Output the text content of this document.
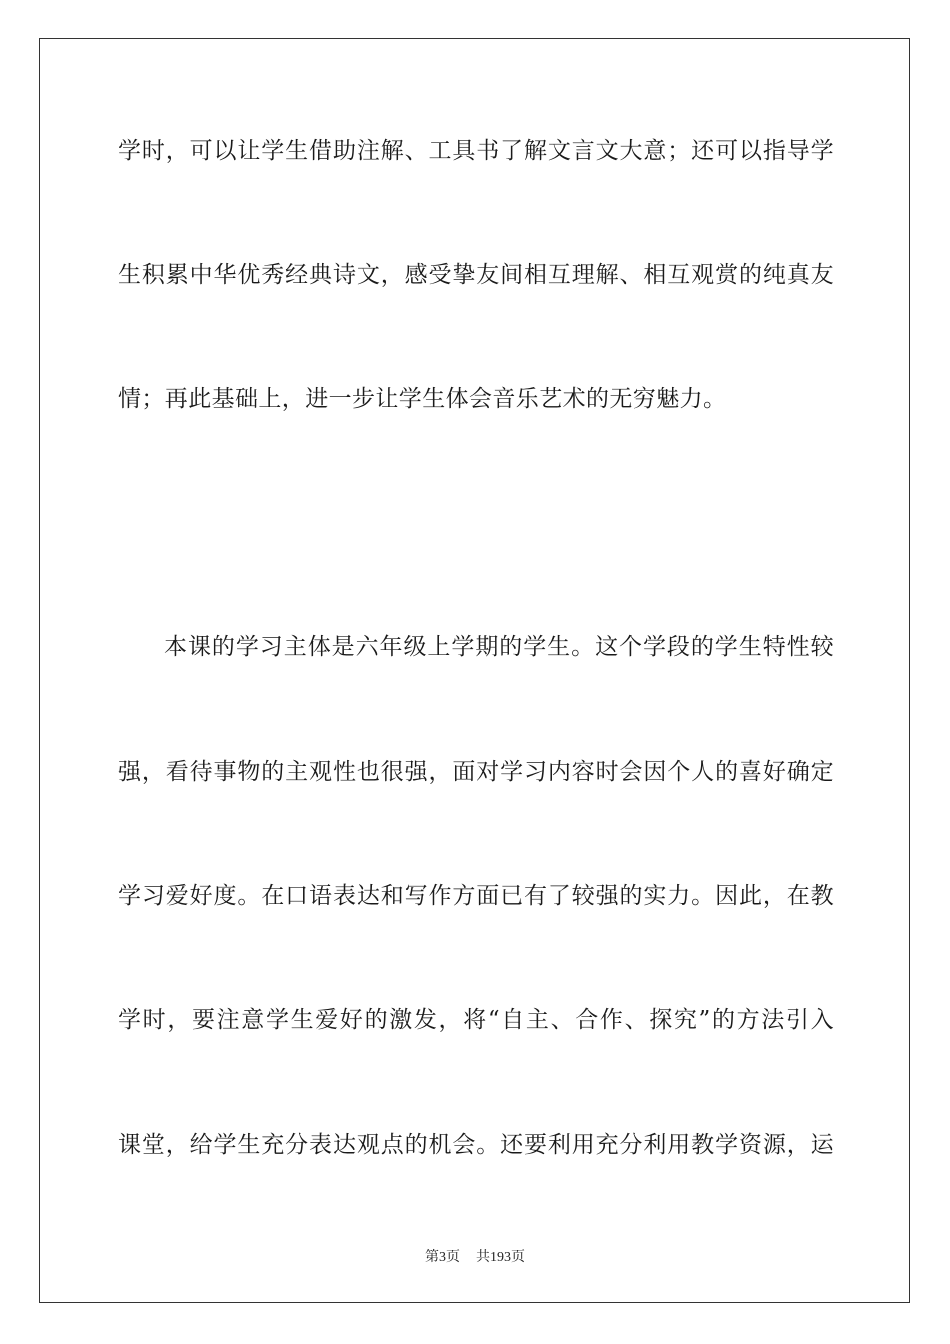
学时，可以让学生借助注解、工具书了解文言文大意；还可以指导学
生积累中华优秀经典诗文，感受挚友间相互理解、相互观赏的纯真友
情；再此基础上，进一步让学生体会音乐艺术的无穷魅力。
本课的学习主体是六年级上学期的学生。这个学段的学生特性较
强，看待事物的主观性也很强，面对学习内容时会因个人的喜好确定
学习爱好度。在口语表达和写作方面已有了较强的实力。因此，在教
学时，要注意学生爱好的激发，将“自主、合作、探究”的方法引入
课堂，给学生充分表达观点的机会。还要利用充分利用教学资源，运
第3页 共193页
